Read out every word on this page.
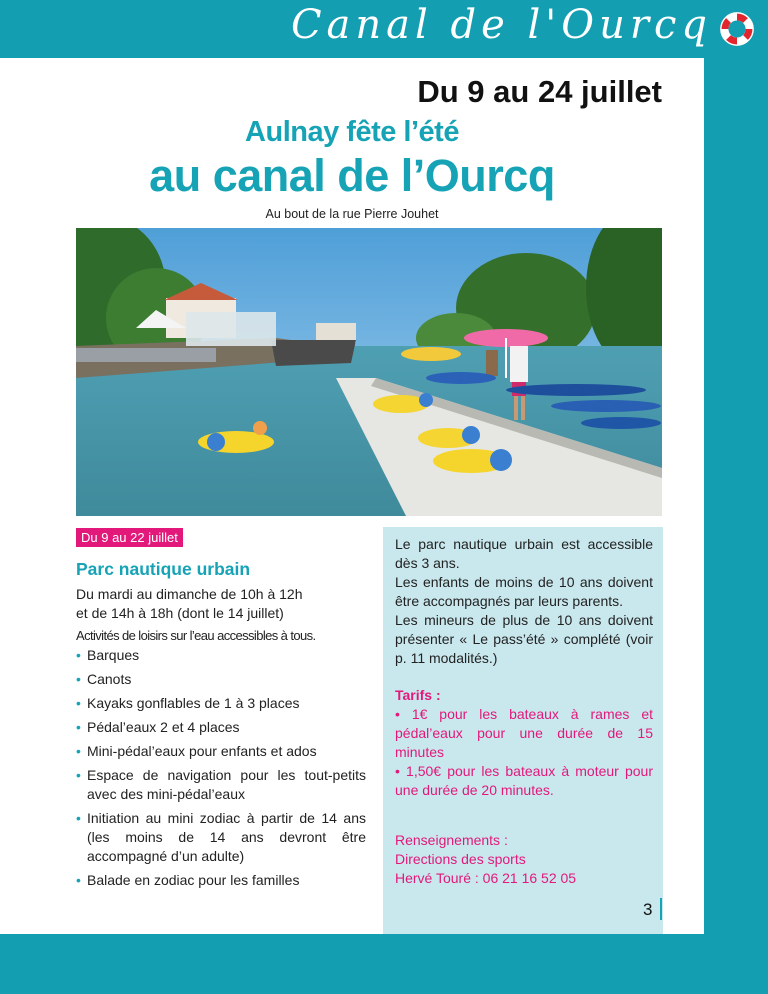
Canal de l'Ourcq
Du 9 au 24 juillet
Aulnay fête l’été
au canal de l’Ourcq
Au bout de la rue Pierre Jouhet
Du 9 au 22 juillet
Parc nautique urbain
Du mardi au dimanche de 10h à 12h
et de 14h à 18h (dont le 14 juillet)
Activités de loisirs sur l’eau accessibles à tous.
• Barques
• Canots
• Kayaks gonflables de 1 à 3 places
• Pédal’eaux 2 et 4 places
• Mini-pédal’eaux pour enfants et ados
• Espace de navigation pour les tout-petits avec des mini-pédal’eaux
• Initiation au mini zodiac à partir de 14 ans (les moins de 14 ans devront être accompagné d’un adulte)
• Balade en zodiac pour les familles

Le parc nautique urbain est accessible dès 3 ans.

Les enfants de moins de 10 ans doivent être accompagnés par leurs parents.

Les mineurs de plus de 10 ans doivent présenter « Le pass’été » complété (voir p. 11 modalités.)

Tarifs :

• 1€ pour les bateaux à rames et pédal’eaux pour une durée de 15 minutes

• 1,50€ pour les bateaux à moteur pour une durée de 20 minutes.

Renseignements :
Directions des sports
Hervé Touré : 06 21 16 52 05
3
